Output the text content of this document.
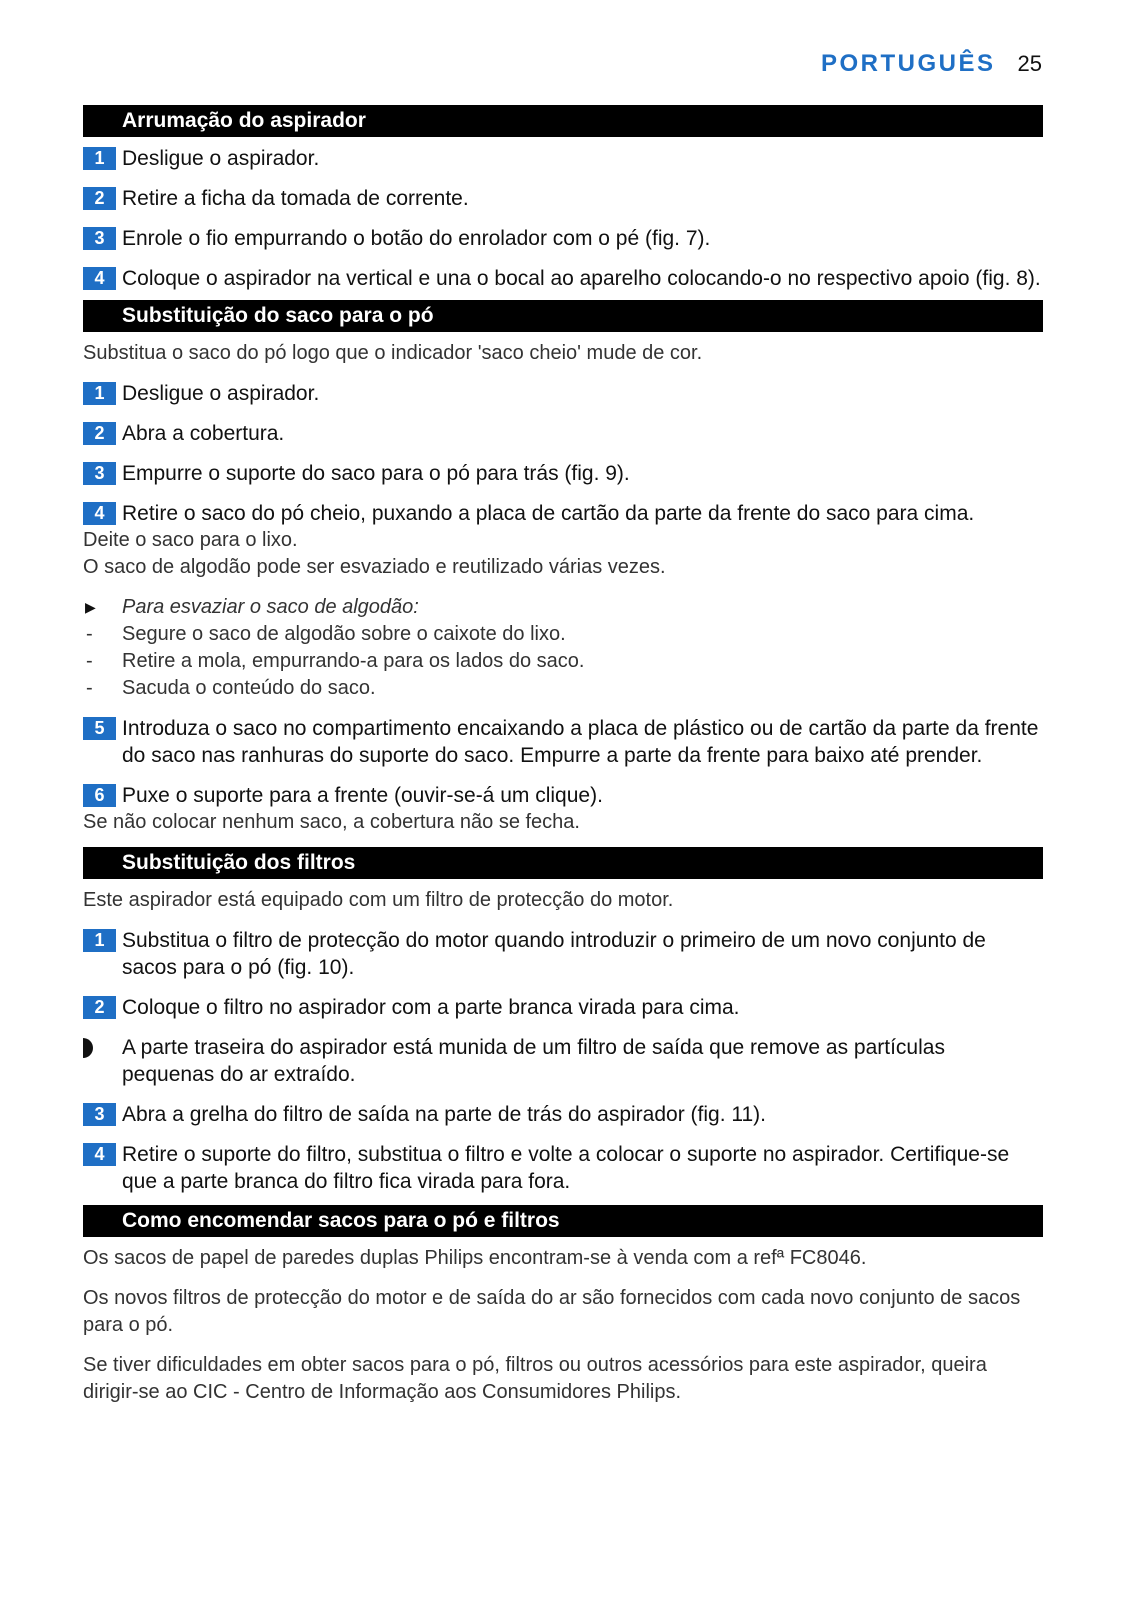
PORTUGUÊS 25
Arrumação do aspirador
1 Desligue o aspirador.
2 Retire a ficha da tomada de corrente.
3 Enrole o fio empurrando o botão do enrolador com o pé (fig. 7).
4 Coloque o aspirador na vertical e una o bocal ao aparelho colocando-o no respectivo apoio (fig. 8).
Substituição do saco para o pó
Substitua o saco do pó logo que o indicador 'saco cheio' mude de cor.
1 Desligue o aspirador.
2 Abra a cobertura.
3 Empurre o suporte do saco para o pó para trás (fig. 9).
4 Retire o saco do pó cheio, puxando a placa de cartão da parte da frente do saco para cima.
Deite o saco para o lixo.
O saco de algodão pode ser esvaziado e reutilizado várias vezes.
▶ Para esvaziar o saco de algodão:
- Segure o saco de algodão sobre o caixote do lixo.
- Retire a mola, empurrando-a para os lados do saco.
- Sacuda o conteúdo do saco.
5 Introduza o saco no compartimento encaixando a placa de plástico ou de cartão da parte da frente do saco nas ranhuras do suporte do saco. Empurre a parte da frente para baixo até prender.
6 Puxe o suporte para a frente (ouvir-se-á um clique).
Se não colocar nenhum saco, a cobertura não se fecha.
Substituição dos filtros
Este aspirador está equipado com um filtro de protecção do motor.
1 Substitua o filtro de protecção do motor quando introduzir o primeiro de um novo conjunto de sacos para o pó (fig. 10).
2 Coloque o filtro no aspirador com a parte branca virada para cima.
A parte traseira do aspirador está munida de um filtro de saída que remove as partículas pequenas do ar extraído.
3 Abra a grelha do filtro de saída na parte de trás do aspirador (fig. 11).
4 Retire o suporte do filtro, substitua o filtro e volte a colocar o suporte no aspirador. Certifique-se que a parte branca do filtro fica virada para fora.
Como encomendar sacos para o pó e filtros
Os sacos de papel de paredes duplas Philips encontram-se à venda com a refª FC8046.
Os novos filtros de protecção do motor e de saída do ar são fornecidos com cada novo conjunto de sacos para o pó.
Se tiver dificuldades em obter sacos para o pó, filtros ou outros acessórios para este aspirador, queira dirigir-se ao CIC - Centro de Informação aos Consumidores Philips.
